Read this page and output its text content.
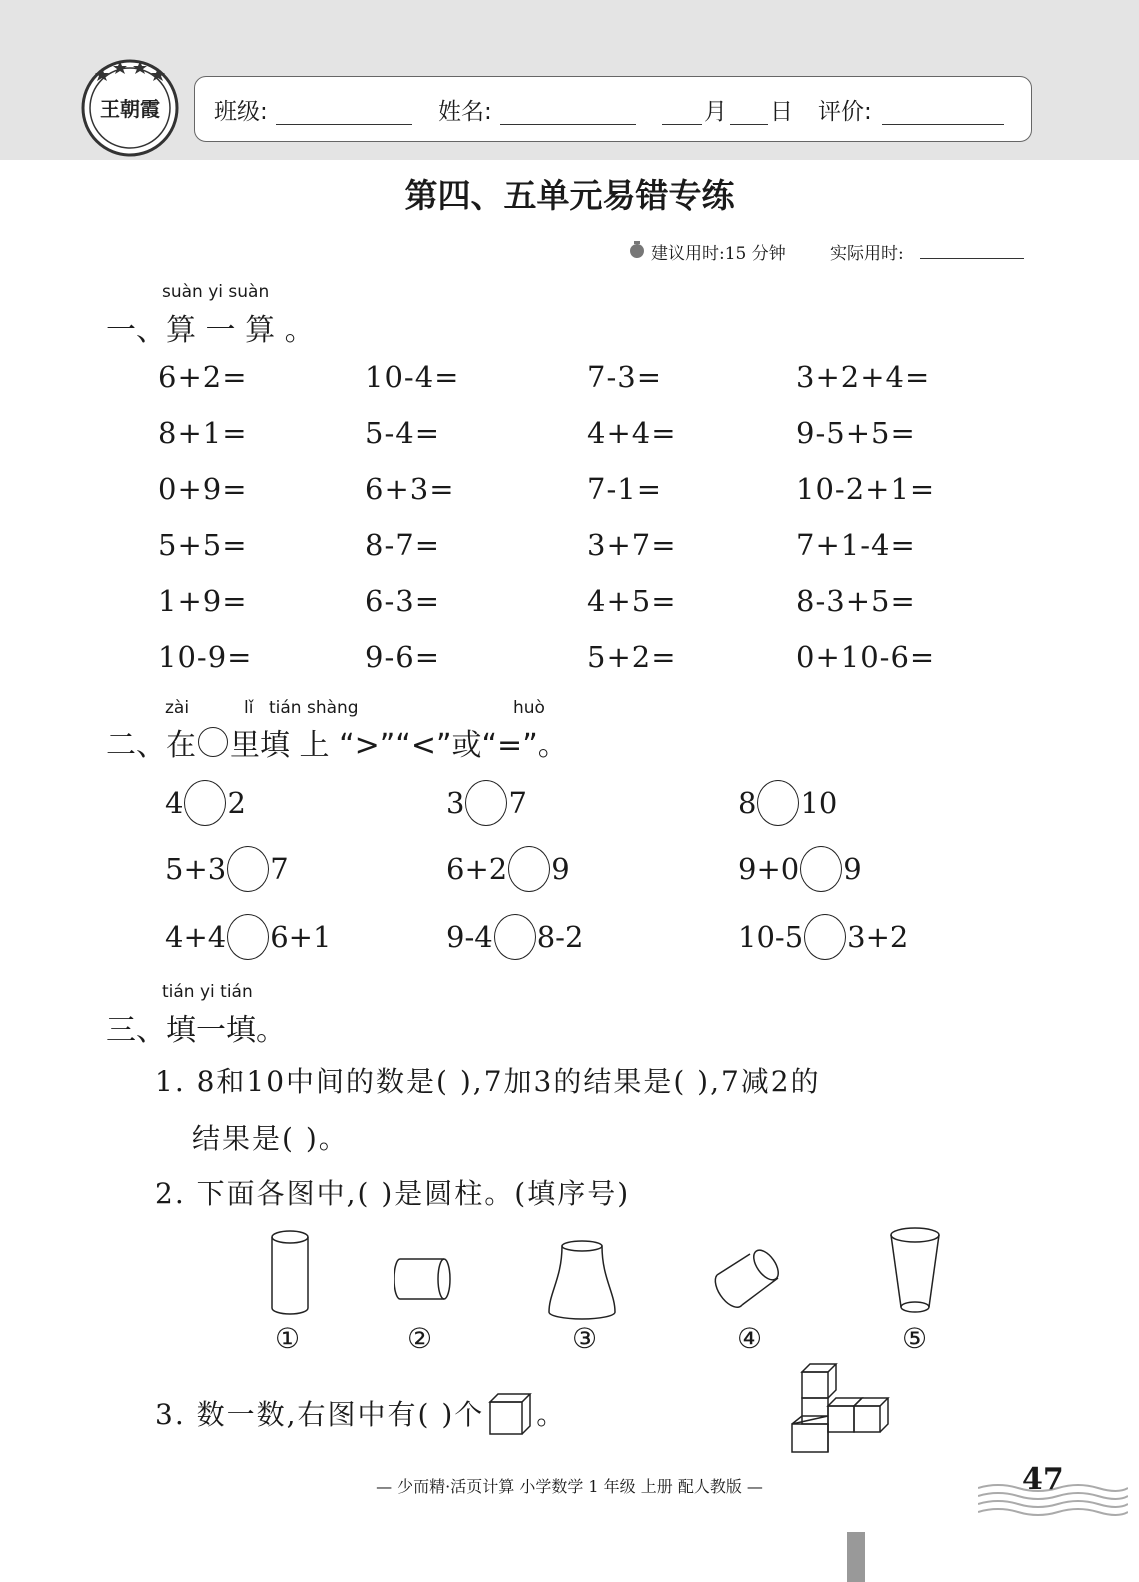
王朝霞 班级:	姓名:	月 日 评价:
第四、五单元易错专练
建议用时:15 分钟	实际用时:
suàn yi suàn
一、算 一 算 。
6+2=	10-4=	7-3=	3+2+4=
8+1=	5-4=	4+4=	9-5+5=
0+9=	6+3=	7-1=	10-2+1=
5+5=	8-7=	3+7=	7+1-4=
1+9=	6-3=	4+5=	8-3+5=
10-9=	9-6=	5+2=	0+10-6=
zài	lǐ tián shàng	huò
二、在 里填 上 “>”“<”或“=”。
4 2	3 7	8 10
5+3 7	6+2 9	9+0 9
4+4 6+1	9-4 8-2	10-5 3+2
tián yi tián
三、填一填。
1. 8和10中间的数是( ),7加3的结果是( ),7减2的
结果是( )。
2. 下面各图中,( )是圆柱。(填序号)
①	②	③	④	⑤
3. 数一数,右图中有( )个 。
— 少而精·活页计算 小学数学 1 年级 上册 配人教版 —	47
